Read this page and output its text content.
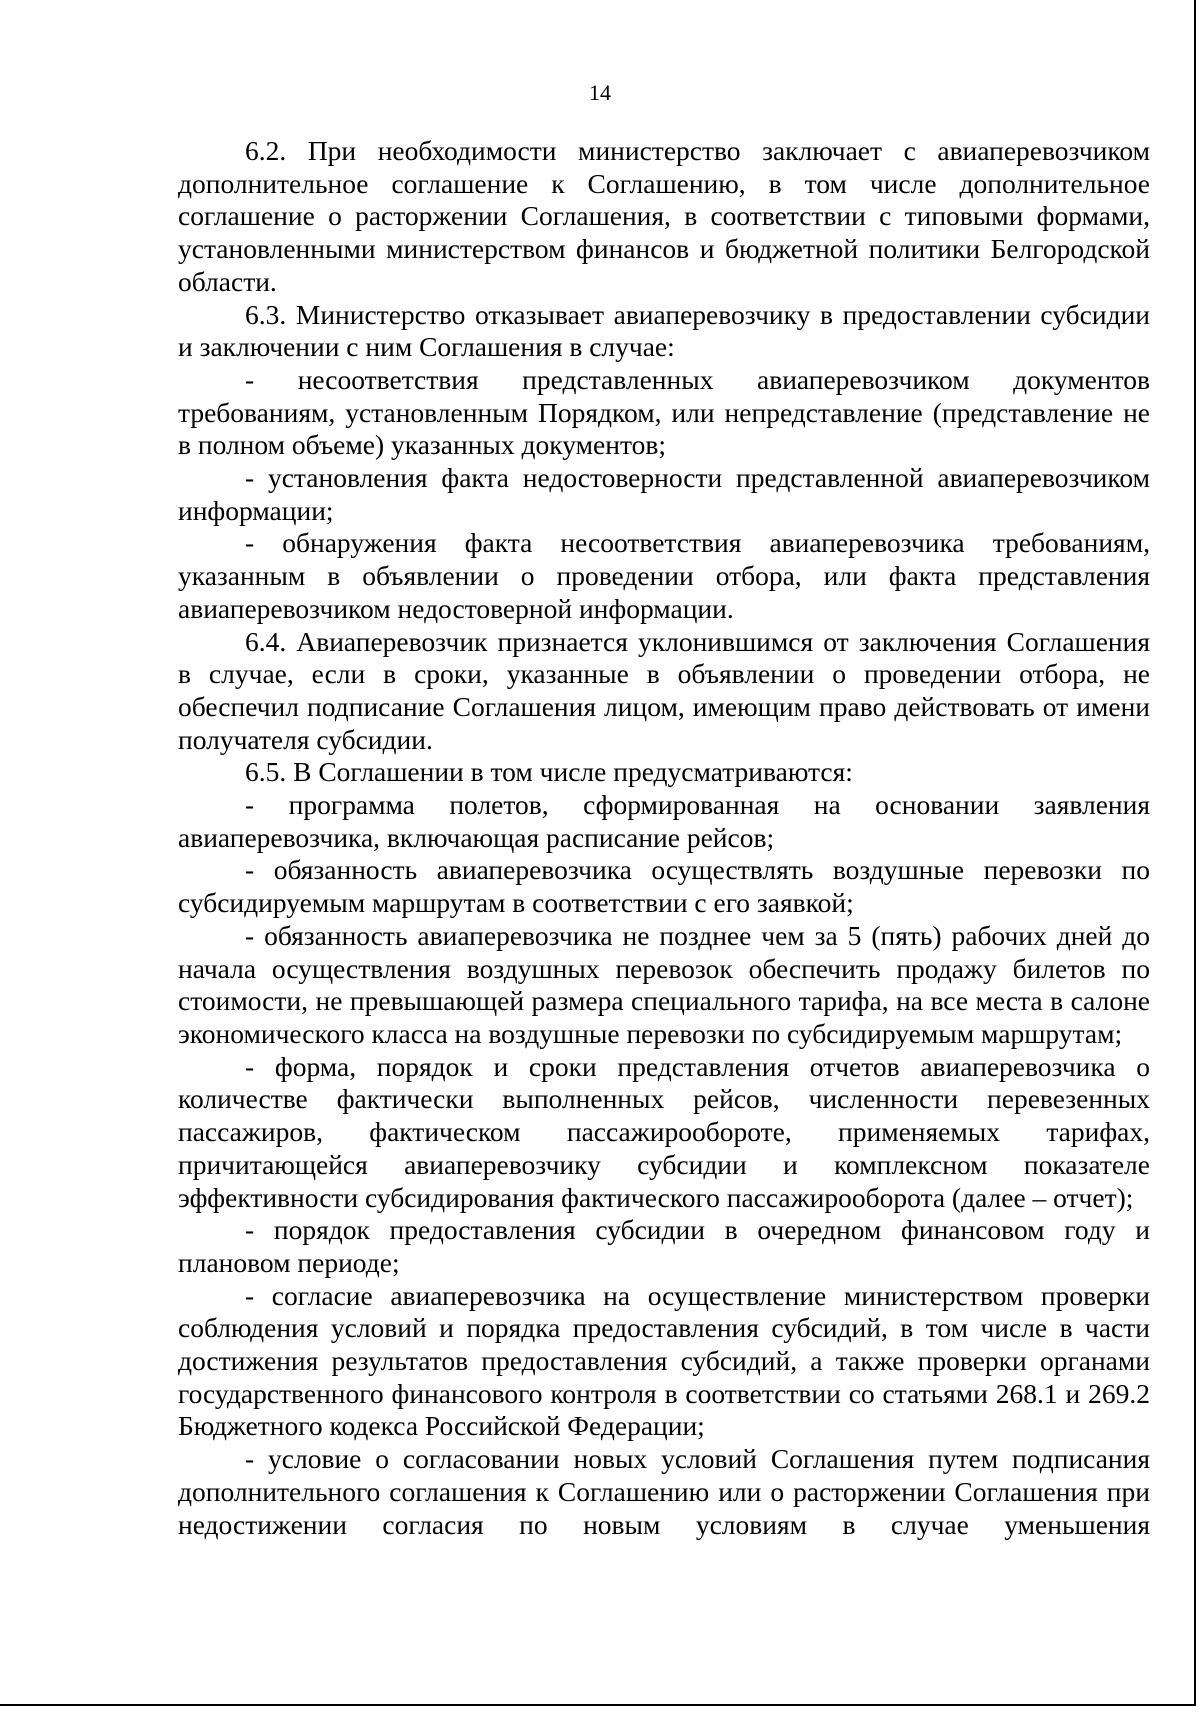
14

6.2. При необходимости министерство заключает с авиаперевозчиком дополнительное соглашение к Соглашению, в том числе дополнительное соглашение о расторжении Соглашения, в соответствии с типовыми формами, установленными министерством финансов и бюджетной политики Белгородской области.

6.3. Министерство отказывает авиаперевозчику в предоставлении субсидии и заключении с ним Соглашения в случае:

- несоответствия представленных авиаперевозчиком документов требованиям, установленным Порядком, или непредставление (представление не в полном объеме) указанных документов;

- установления факта недостоверности представленной авиаперевозчиком информации;

- обнаружения факта несоответствия авиаперевозчика требованиям, указанным в объявлении о проведении отбора, или факта представления авиаперевозчиком недостоверной информации.

6.4. Авиаперевозчик признается уклонившимся от заключения Соглашения в случае, если в сроки, указанные в объявлении о проведении отбора, не обеспечил подписание Соглашения лицом, имеющим право действовать от имени получателя субсидии.

6.5. В Соглашении в том числе предусматриваются:

- программа полетов, сформированная на основании заявления авиаперевозчика, включающая расписание рейсов;

- обязанность авиаперевозчика осуществлять воздушные перевозки по субсидируемым маршрутам в соответствии с его заявкой;

- обязанность авиаперевозчика не позднее чем за 5 (пять) рабочих дней до начала осуществления воздушных перевозок обеспечить продажу билетов по стоимости, не превышающей размера специального тарифа, на все места в салоне экономического класса на воздушные перевозки по субсидируемым маршрутам;

- форма, порядок и сроки представления отчетов авиаперевозчика о количестве фактически выполненных рейсов, численности перевезенных пассажиров, фактическом пассажирообороте, применяемых тарифах, причитающейся авиаперевозчику субсидии и комплексном показателе эффективности субсидирования фактического пассажирооборота (далее – отчет);

- порядок предоставления субсидии в очередном финансовом году и плановом периоде;

- согласие авиаперевозчика на осуществление министерством проверки соблюдения условий и порядка предоставления субсидий, в том числе в части достижения результатов предоставления субсидий, а также проверки органами государственного финансового контроля в соответствии со статьями 268.1 и 269.2 Бюджетного кодекса Российской Федерации;

- условие о согласовании новых условий Соглашения путем подписания дополнительного соглашения к Соглашению или о расторжении Соглашения при недостижении согласия по новым условиям в случае уменьшения
